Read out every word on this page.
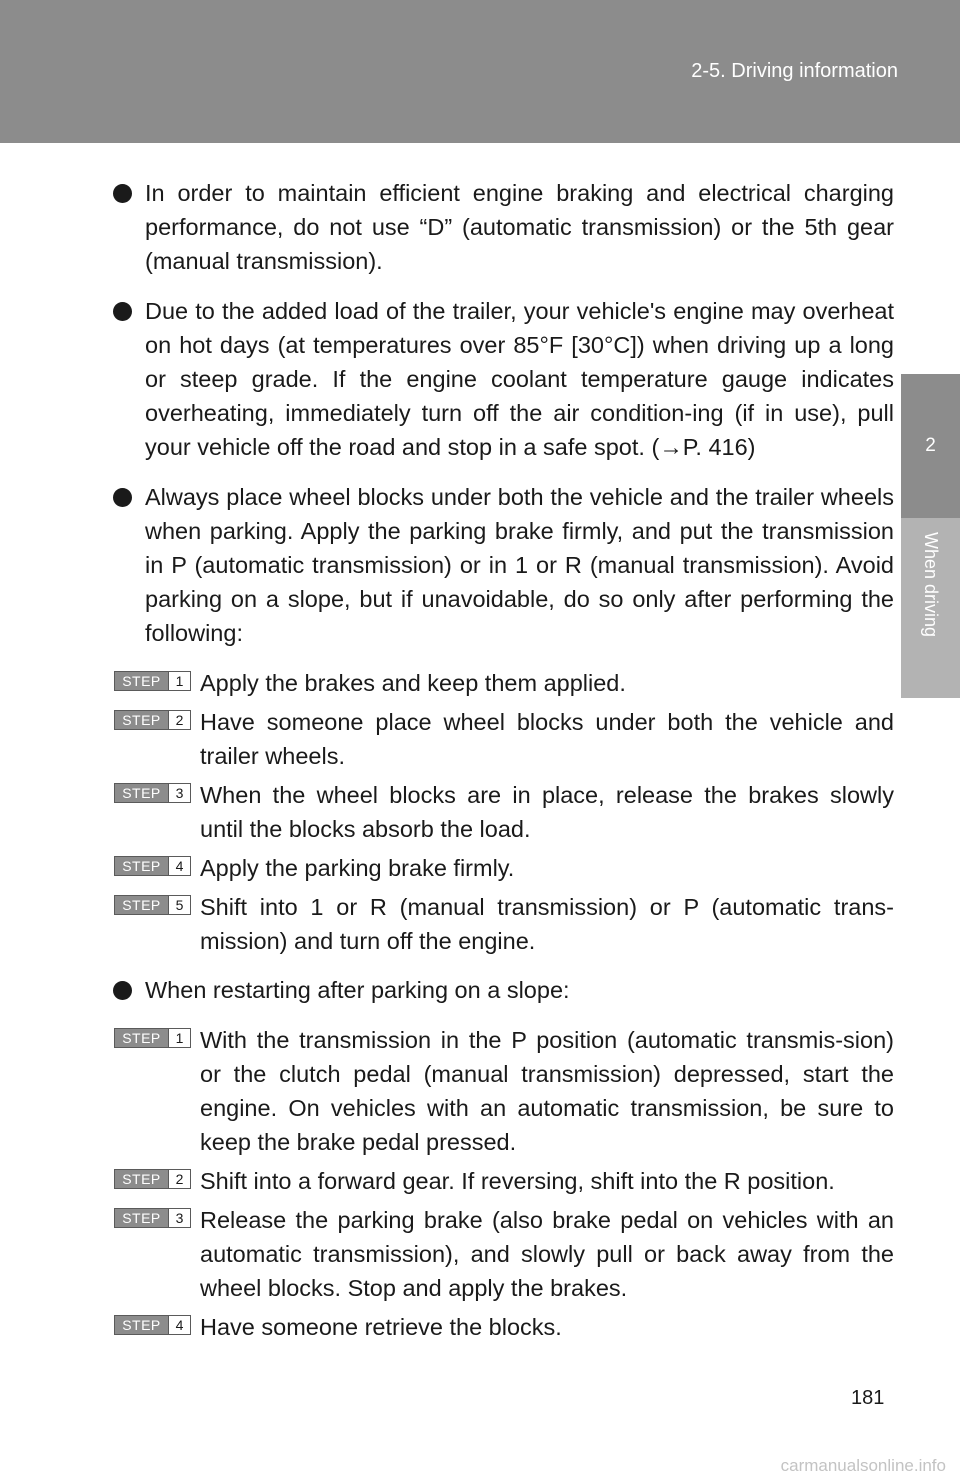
2-5. Driving information
2
When driving
In order to maintain efficient engine braking and electrical charging performance, do not use “D” (automatic transmission) or the 5th gear (manual transmission).
Due to the added load of the trailer, your vehicle's engine may overheat on hot days (at temperatures over 85°F [30°C]) when driving up a long or steep grade. If the engine coolant temperature gauge indicates overheating, immediately turn off the air condition-ing (if in use), pull your vehicle off the road and stop in a safe spot. (→P. 416)
Always place wheel blocks under both the vehicle and the trailer wheels when parking. Apply the parking brake firmly, and put the transmission in P (automatic transmission) or in 1 or R (manual transmission). Avoid parking on a slope, but if unavoidable, do so only after performing the following:
STEP	1 Apply the brakes and keep them applied.
STEP	2 Have someone place wheel blocks under both the vehicle and trailer wheels.
STEP	3 When the wheel blocks are in place, release the brakes slowly until the blocks absorb the load.
STEP	4 Apply the parking brake firmly.
STEP	5 Shift into 1 or R (manual transmission) or P (automatic trans-mission) and turn off the engine.
When restarting after parking on a slope:
STEP	1 With the transmission in the P position (automatic transmis-sion) or the clutch pedal (manual transmission) depressed, start the engine. On vehicles with an automatic transmission, be sure to keep the brake pedal pressed.
STEP	2 Shift into a forward gear. If reversing, shift into the R position.
STEP	3 Release the parking brake (also brake pedal on vehicles with an automatic transmission), and slowly pull or back away from the wheel blocks. Stop and apply the brakes.
STEP	4 Have someone retrieve the blocks.
181
carmanualsonline.info
